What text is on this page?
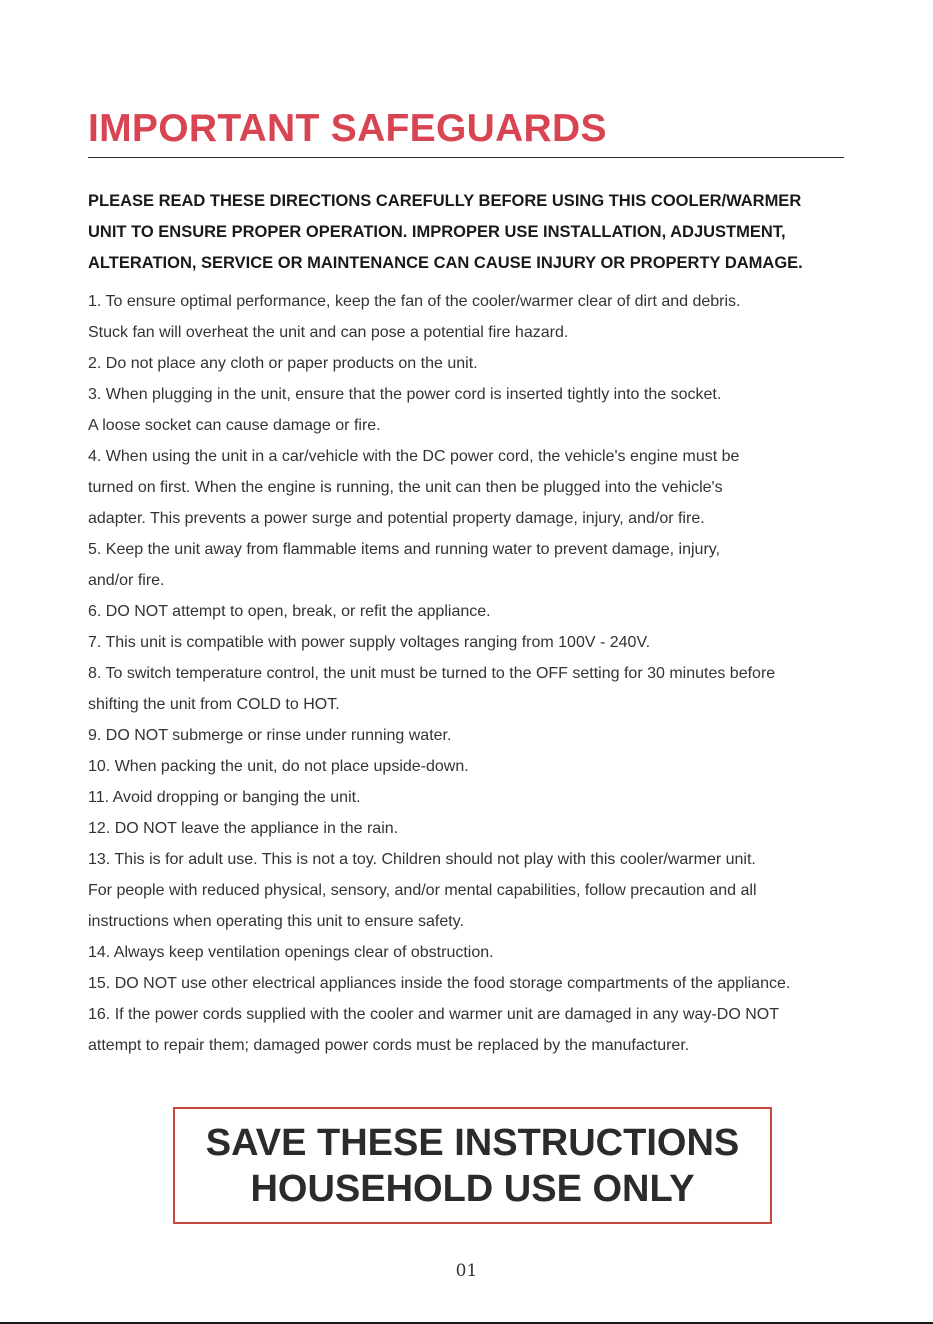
IMPORTANT SAFEGUARDS
PLEASE READ THESE DIRECTIONS CAREFULLY BEFORE USING THIS COOLER/WARMER
UNIT TO ENSURE PROPER OPERATION. IMPROPER USE INSTALLATION, ADJUSTMENT,
ALTERATION, SERVICE OR MAINTENANCE CAN CAUSE INJURY OR PROPERTY DAMAGE.
1. To ensure optimal performance, keep the fan of the cooler/warmer clear of dirt and debris.
Stuck fan will overheat the unit and can pose a potential fire hazard.
2. Do not place any cloth or paper products on the unit.
3. When plugging in the unit, ensure that the power cord is inserted tightly into the socket.
A loose socket can cause damage or fire.
4. When using the unit in a car/vehicle with the DC power cord, the vehicle's engine must be
turned on first. When the engine is running, the unit can then be plugged into the vehicle's
adapter. This prevents a power surge and potential property damage, injury, and/or fire.
5. Keep the unit away from flammable items and running water to prevent damage, injury,
and/or fire.
6. DO NOT attempt to open, break, or refit the appliance.
7. This unit is compatible with power supply voltages ranging from 100V - 240V.
8. To switch temperature control, the unit must be turned to the OFF setting for 30 minutes before
shifting the unit from COLD to HOT.
9. DO NOT submerge or rinse under running water.
10. When packing the unit, do not place upside-down.
11. Avoid dropping or banging the unit.
12. DO NOT leave the appliance in the rain.
13. This is for adult use. This is not a toy. Children should not play with this cooler/warmer unit.
For people with reduced physical, sensory, and/or mental capabilities, follow precaution and all
instructions when operating this unit to ensure safety.
14. Always keep ventilation openings clear of obstruction.
15. DO NOT use other electrical appliances inside the food storage compartments of the appliance.
16. If the power cords supplied with the cooler and warmer unit are damaged in any way-DO NOT
attempt to repair them; damaged power cords must be replaced by the manufacturer.
SAVE THESE INSTRUCTIONS
HOUSEHOLD USE ONLY
01
